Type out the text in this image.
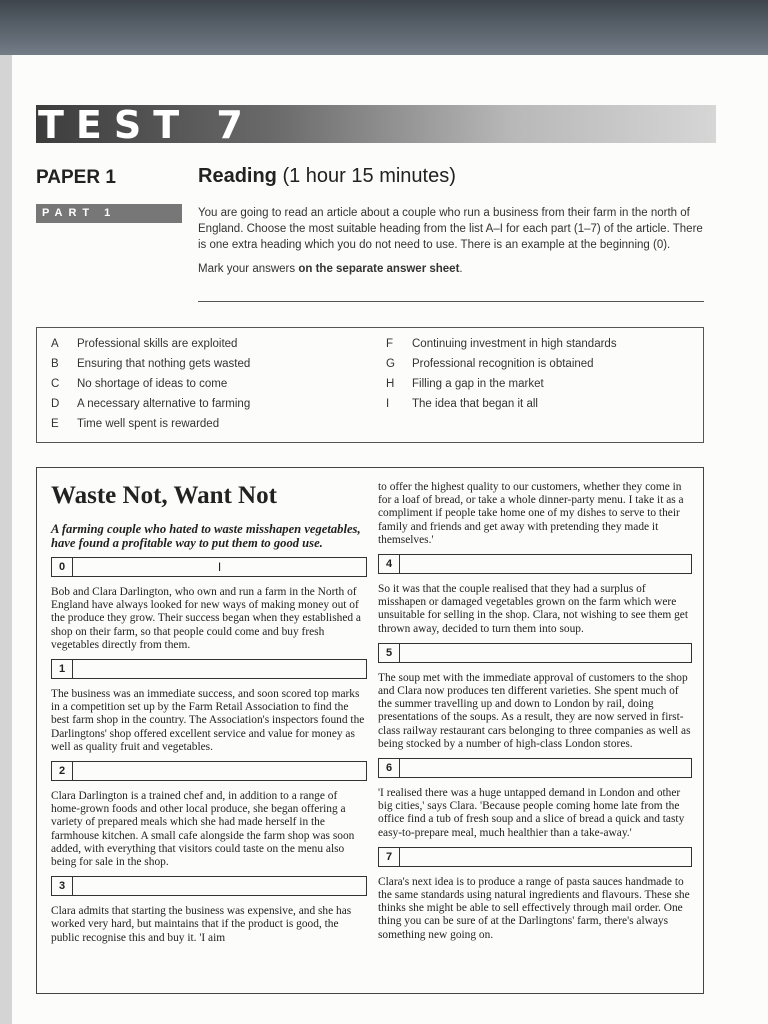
TEST 7
PAPER 1	Reading (1 hour 15 minutes)
PART 1	You are going to read an article about a couple who run a business from their farm in the north of England. Choose the most suitable heading from the list A–I for each part (1–7) of the article. There is one extra heading which you do not need to use. There is an example at the beginning (0).

Mark your answers on the separate answer sheet.

A Professional skills are exploited
B Ensuring that nothing gets wasted
C No shortage of ideas to come
D A necessary alternative to farming
E Time well spent is rewarded
F Continuing investment in high standards
G Professional recognition is obtained
H Filling a gap in the market
I The idea that began it all
Waste Not, Want Not
A farming couple who hated to waste misshapen vegetables, have found a profitable way to put them to good use.
0	I

Bob and Clara Darlington, who own and run a farm in the North of England have always looked for new ways of making money out of the produce they grow. Their success began when they established a shop on their farm, so that people could come and buy fresh vegetables directly from them.

1

The business was an immediate success, and soon scored top marks in a competition set up by the Farm Retail Association to find the best farm shop in the country. The Association's inspectors found the Darlingtons' shop offered excellent service and value for money as well as quality fruit and vegetables.

2

Clara Darlington is a trained chef and, in addition to a range of home-grown foods and other local produce, she began offering a variety of prepared meals which she had made herself in the farmhouse kitchen. A small cafe alongside the farm shop was soon added, with everything that visitors could taste on the menu also being for sale in the shop.

3

Clara admits that starting the business was expensive, and she has worked very hard, but maintains that if the product is good, the public recognise this and buy it. 'I aim

to offer the highest quality to our customers, whether they come in for a loaf of bread, or take a whole dinner-party menu. I take it as a compliment if people take home one of my dishes to serve to their family and friends and get away with pretending they made it themselves.'

4

So it was that the couple realised that they had a surplus of misshapen or damaged vegetables grown on the farm which were unsuitable for selling in the shop. Clara, not wishing to see them get thrown away, decided to turn them into soup.

5

The soup met with the immediate approval of customers to the shop and Clara now produces ten different varieties. She spent much of the summer travelling up and down to London by rail, doing presentations of the soups. As a result, they are now served in first-class railway restaurant cars belonging to three companies as well as being stocked by a number of high-class London stores.

6

'I realised there was a huge untapped demand in London and other big cities,' says Clara. 'Because people coming home late from the office find a tub of fresh soup and a slice of bread a quick and tasty easy-to-prepare meal, much healthier than a take-away.'

7

Clara's next idea is to produce a range of pasta sauces handmade to the same standards using natural ingredients and flavours. These she thinks she might be able to sell effectively through mail order. One thing you can be sure of at the Darlingtons' farm, there's always something new going on.
